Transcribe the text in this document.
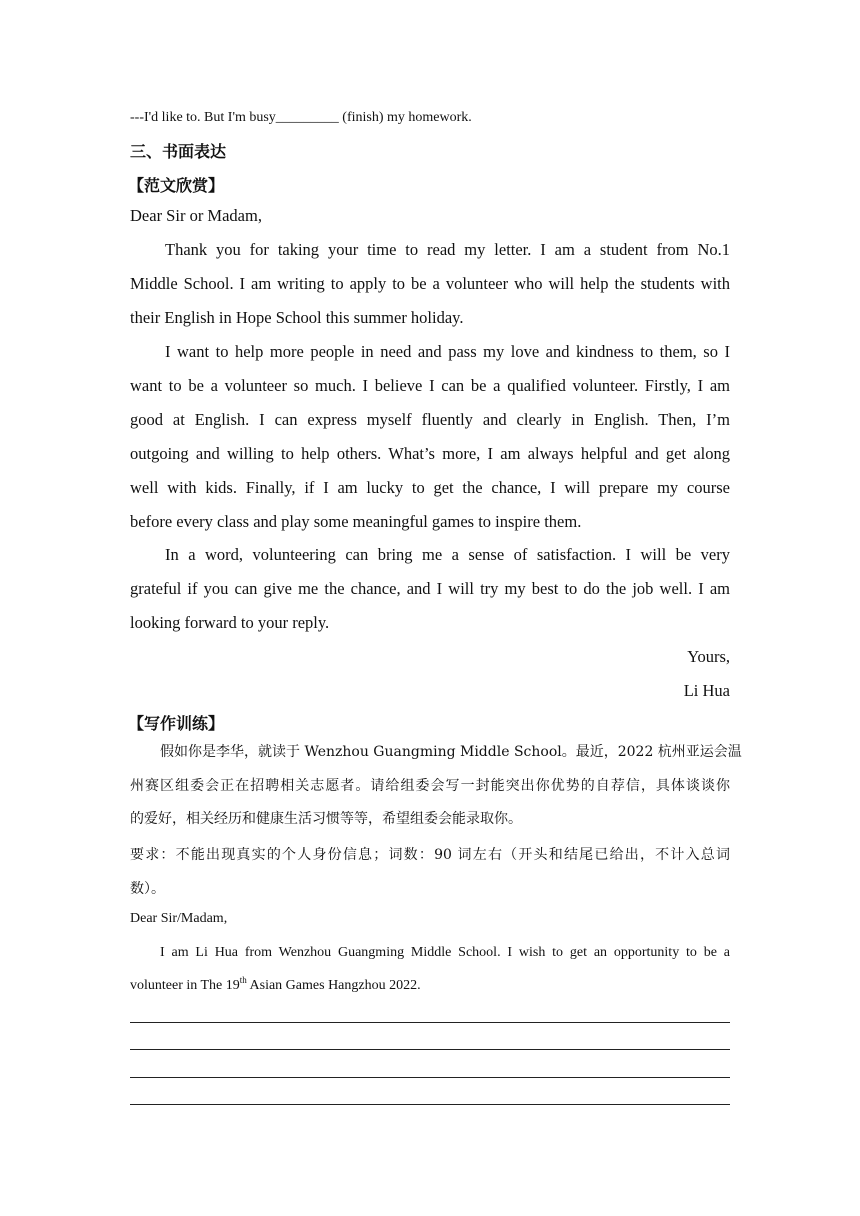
---I'd like to. But I'm busy_________ (finish) my homework.
三、书面表达
【范文欣赏】
Dear Sir or Madam,
Thank you for taking your time to read my letter. I am a student from No.1
Middle School. I am writing to apply to be a volunteer who will help the students with
their English in Hope School this summer holiday.
I want to help more people in need and pass my love and kindness to them, so I
want to be a volunteer so much. I believe I can be a qualified volunteer. Firstly, I am
good at English. I can express myself fluently and clearly in English. Then, I’m
outgoing and willing to help others. What’s more, I am always helpful and get along
well with kids. Finally, if I am lucky to get the chance, I will prepare my course
before every class and play some meaningful games to inspire them.
In a word, volunteering can bring me a sense of satisfaction. I will be very
grateful if you can give me the chance, and I will try my best to do the job well. I am
looking forward to your reply.
Yours,
Li Hua
【写作训练】
假如你是李华，就读于 Wenzhou Guangming Middle School。最近，2022 杭州亚运会温
州赛区组委会正在招聘相关志愿者。请给组委会写一封能突出你优势的自荐信，具体谈谈你
的爱好，相关经历和健康生活习惯等等，希望组委会能录取你。
要求：不能出现真实的个人身份信息；词数：90 词左右（开头和结尾已给出，不计入总词
数）。
Dear Sir/Madam,
I am Li Hua from Wenzhou Guangming Middle School. I wish to get an opportunity to be a
volunteer in The 19th Asian Games Hangzhou 2022.
